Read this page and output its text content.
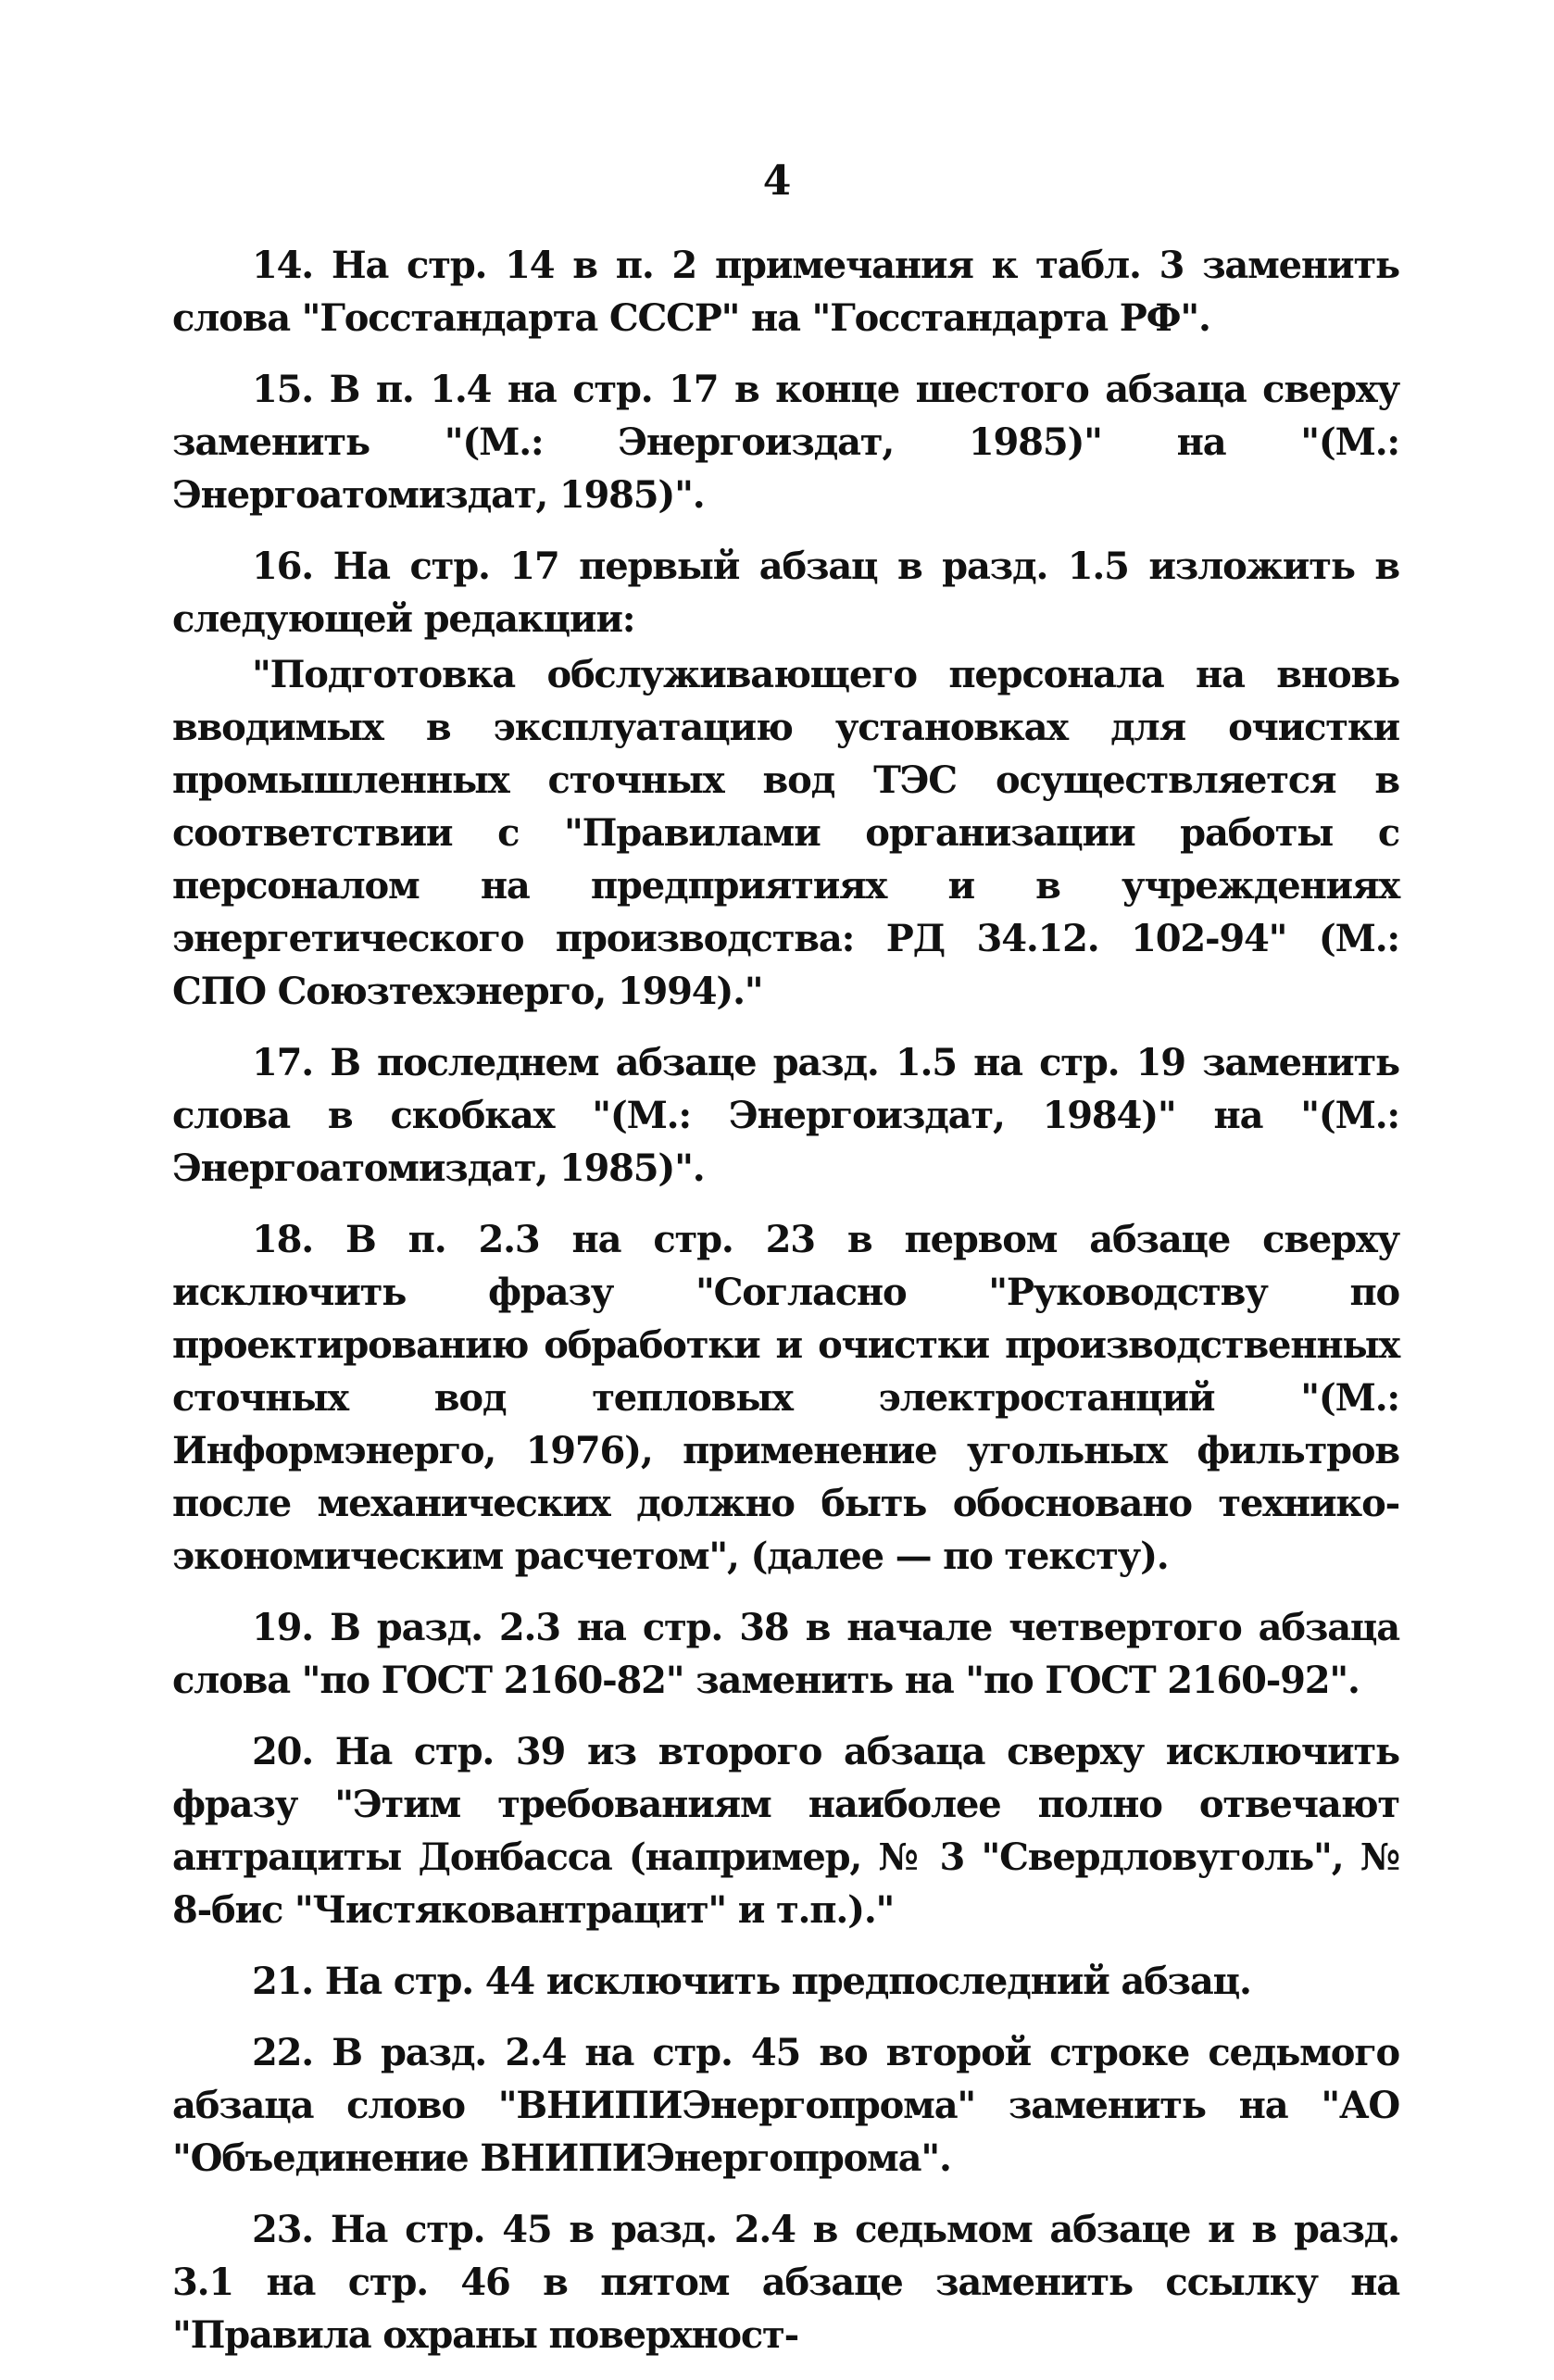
4

14. На стр. 14 в п. 2 примечания к табл. 3 заменить слова "Госстандарта СССР" на "Госстандарта РФ".

15. В п. 1.4 на стр. 17 в конце шестого абзаца сверху заменить "(М.: Энергоиздат, 1985)" на "(М.: Энергоатомиздат, 1985)".

16. На стр. 17 первый абзац в разд. 1.5 изложить в следующей редакции:

"Подготовка обслуживающего персонала на вновь вводимых в эксплуатацию установках для очистки промышленных сточных вод ТЭС осуществляется в соответствии с "Правилами организации работы с персоналом на предприятиях и в учреждениях энергетического производства: РД 34.12. 102-94" (М.: СПО Союзтехэнерго, 1994)."

17. В последнем абзаце разд. 1.5 на стр. 19 заменить слова в скобках "(М.: Энергоиздат, 1984)" на "(М.: Энергоатомиздат, 1985)".

18. В п. 2.3 на стр. 23 в первом абзаце сверху исключить фразу "Согласно "Руководству по проектированию обработки и очистки производственных сточных вод тепловых электростанций "(М.: Информэнерго, 1976), применение угольных фильтров после механических должно быть обосновано технико-экономическим расчетом", (далее — по тексту).

19. В разд. 2.3 на стр. 38 в начале четвертого абзаца слова "по ГОСТ 2160-82" заменить на "по ГОСТ 2160-92".

20. На стр. 39 из второго абзаца сверху исключить фразу "Этим требованиям наиболее полно отвечают антрациты Донбасса (например, № 3 "Свердловуголь", № 8-бис "Чистяковантрацит" и т.п.)."

21. На стр. 44 исключить предпоследний абзац.

22. В разд. 2.4 на стр. 45 во второй строке седьмого абзаца слово "ВНИПИЭнергопрома" заменить на "АО "Объединение ВНИПИЭнергопрома".

23. На стр. 45 в разд. 2.4 в седьмом абзаце и в разд. 3.1 на стр. 46 в пятом абзаце заменить ссылку на "Правила охраны поверхност-
